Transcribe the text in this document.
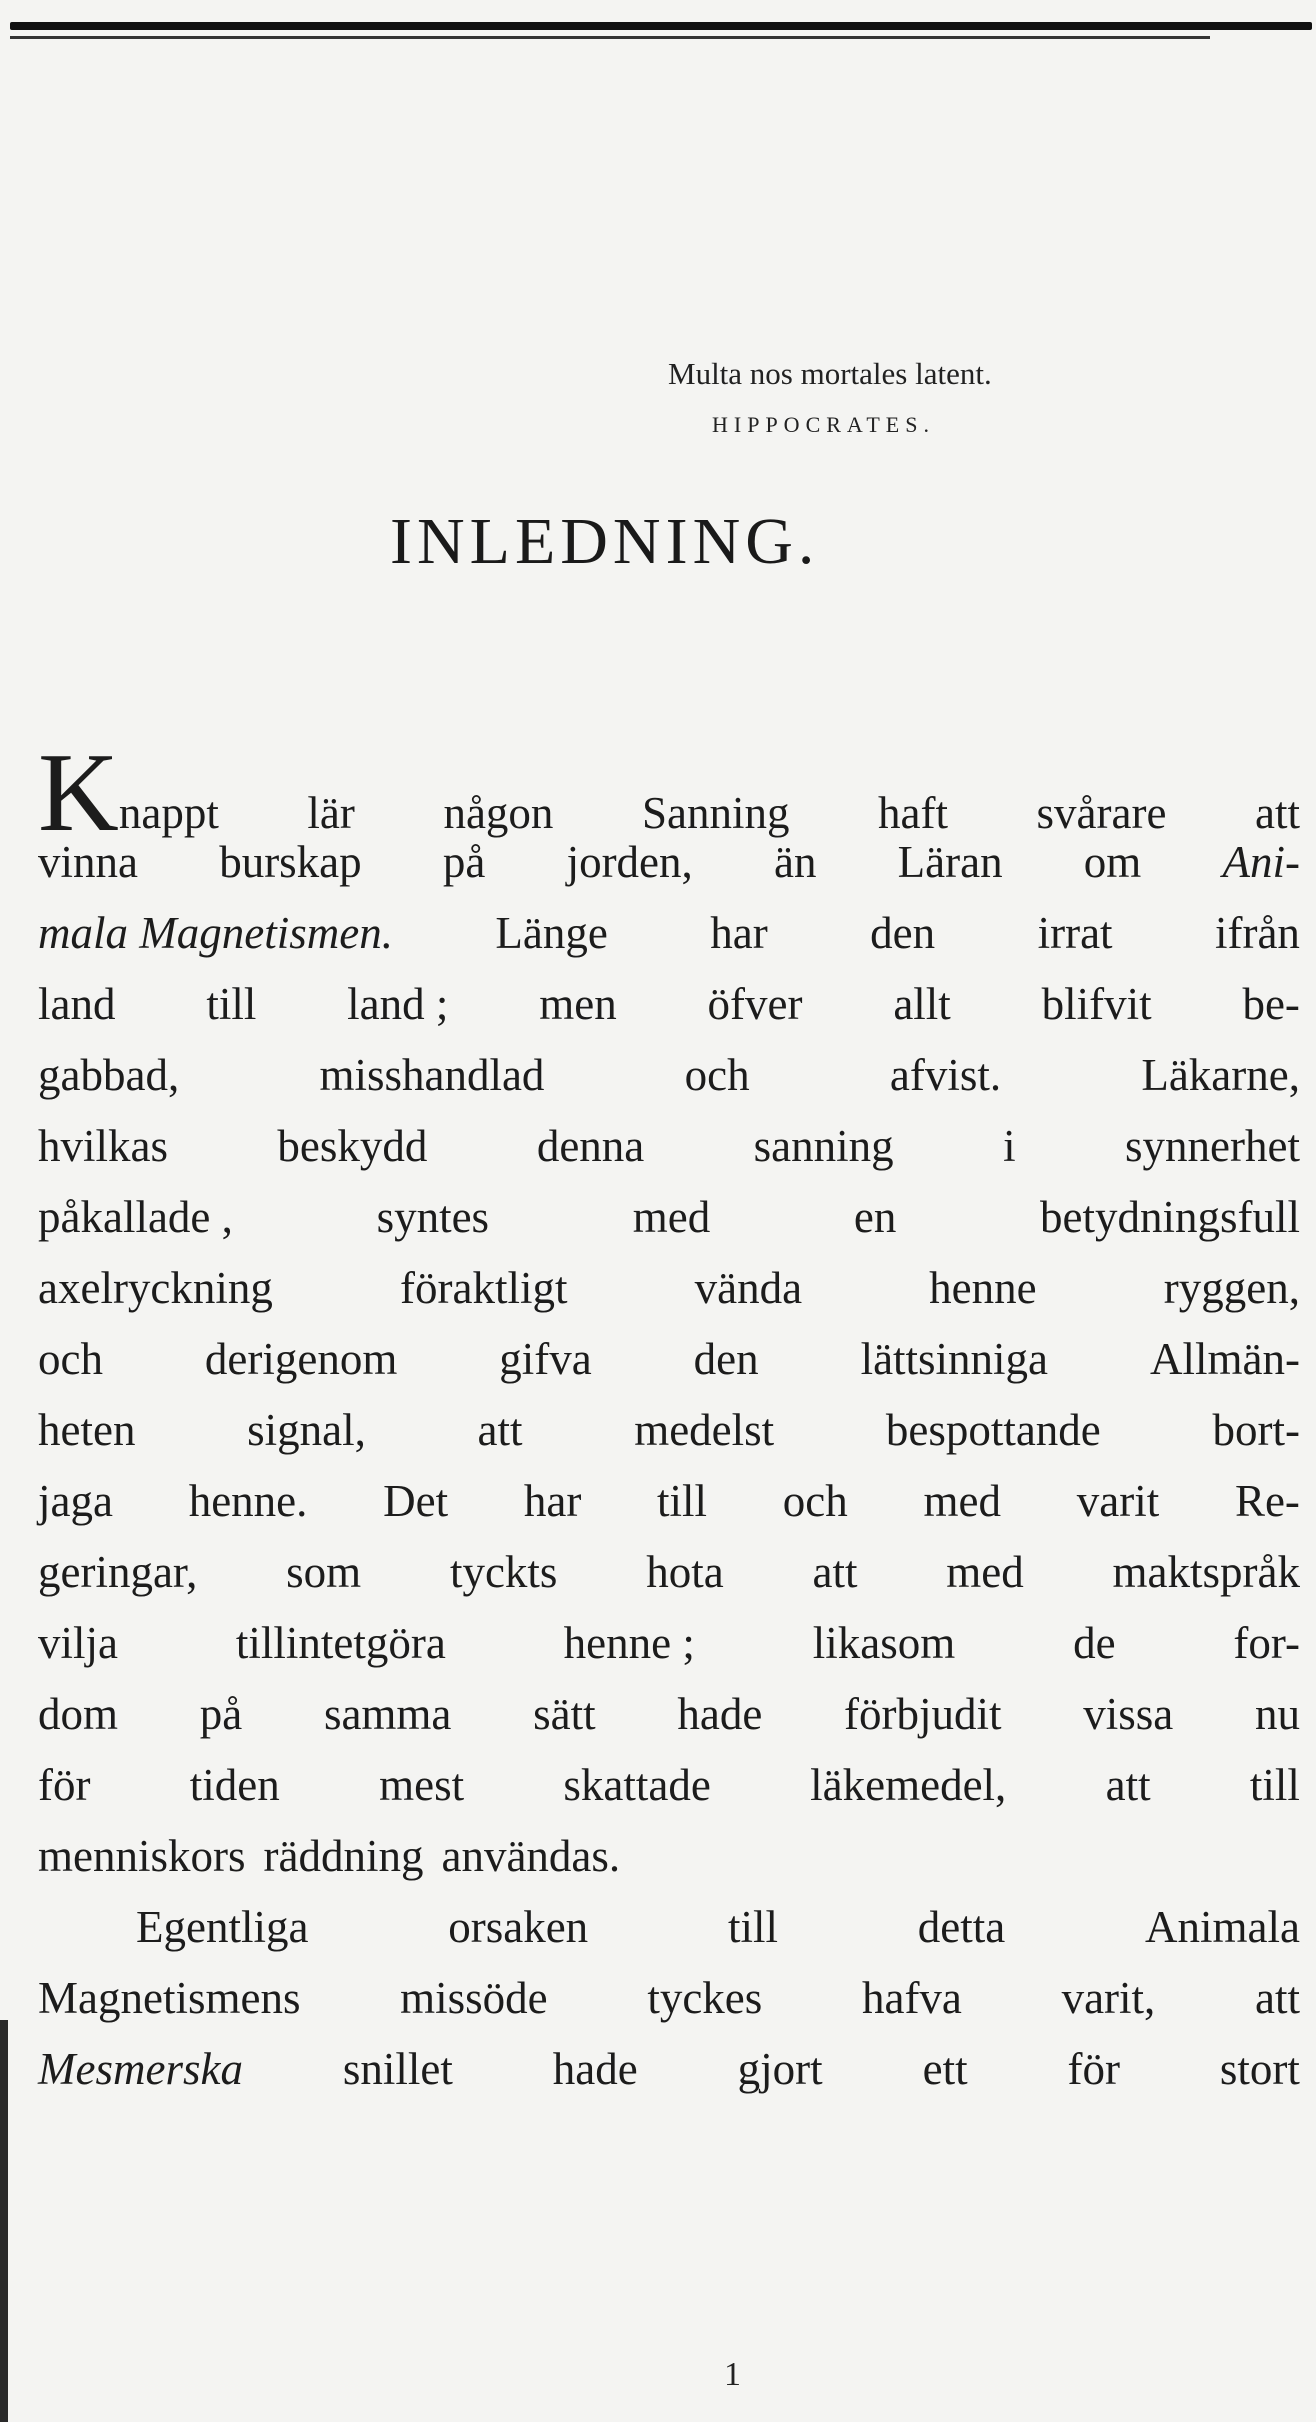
Multa nos mortales latent.
HIPPOCRATES.
INLEDNING.
Knappt lär någon Sanning haft svårare att
vinna burskap på jorden, än Läran om Ani-
mala Magnetismen. Länge har den irrat ifrån
land till land ; men öfver allt blifvit be-
gabbad,	misshandlad	och	afvist.	Läkarne,
hvilkas beskydd denna sanning i synnerhet
påkallade ,	syntes	med	en	betydningsfull
axelryckning	föraktligt	vända	henne	ryggen,
och derigenom gifva den lättsinniga Allmän-
heten signal, att medelst bespottande bort-
jaga henne. Det har till och med varit Re-
geringar, som tyckts hota att med maktspråk
vilja	tillintetgöra	henne ;	likasom	de	for-
dom på samma sätt hade förbjudit vissa nu
för tiden mest skattade läkemedel, att till
menniskors räddning användas.
Egentliga	orsaken	till	detta	Animala
Magnetismens missöde tyckes hafva varit, att
Mesmerska snillet hade gjort ett för stort
1
